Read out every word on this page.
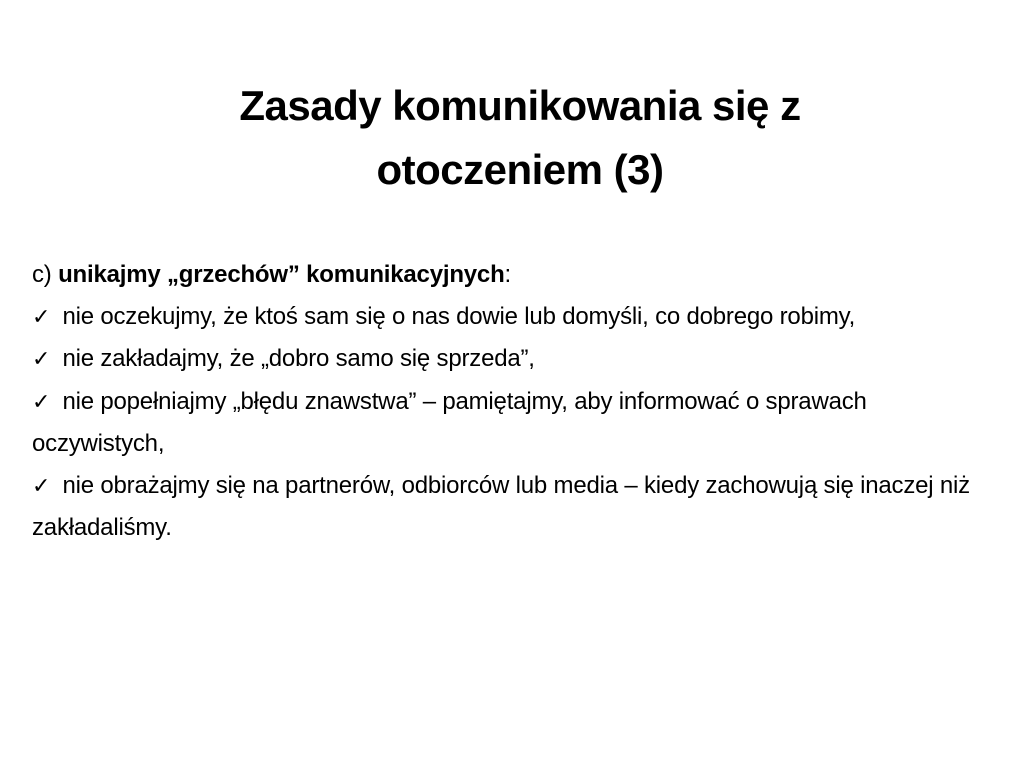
Zasady komunikowania się z
otoczeniem (3)

c) unikajmy „grzechów” komunikacyjnych:

✓ nie oczekujmy, że ktoś sam się o nas dowie lub domyśli, co dobrego robimy,

✓ nie zakładajmy, że „dobro samo się sprzeda”,

✓ nie popełniajmy „błędu znawstwa” – pamiętajmy, aby informować o sprawach oczywistych,

✓ nie obrażajmy się na partnerów, odbiorców lub media – kiedy zachowują się inaczej niż zakładaliśmy.
